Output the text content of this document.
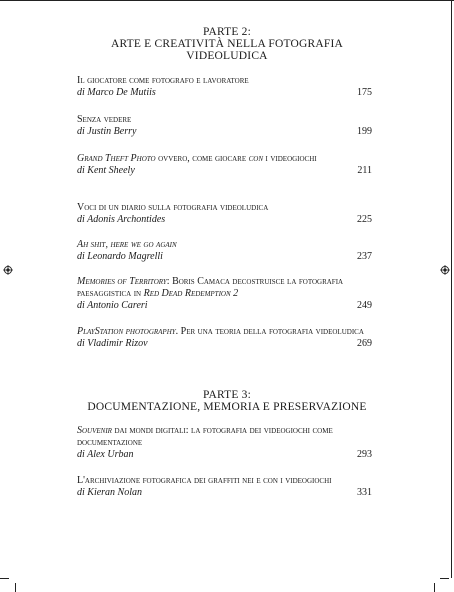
PARTE 2:
ARTE E CREATIVITÀ NELLA FOTOGRAFIA
VIDEOLUDICA
Il giocatore come fotografo e lavoratore
di Marco De Mutiis	175
Senza vedere
di Justin Berry	199
Grand Theft Photo ovvero, come giocare con i videogiochi
di Kent Sheely	211
Voci di un diario sulla fotografia videoludica
di Adonis Archontides	225
Ah shit, here we go again
di Leonardo Magrelli	237
Memories of Territory: Boris Camaca decostruisce la fotografia paesaggistica in Red Dead Redemption 2
di Antonio Careri	249
PlayStation photography. Per una teoria della fotografia videoludica
di Vladimir Rizov	269
PARTE 3:
DOCUMENTAZIONE, MEMORIA E PRESERVAZIONE
Souvenir dai mondi digitali: la fotografia dei videogiochi come documentazione
di Alex Urban	293
L'archiviazione fotografica dei graffiti nei e con i videogiochi
di Kieran Nolan	331
